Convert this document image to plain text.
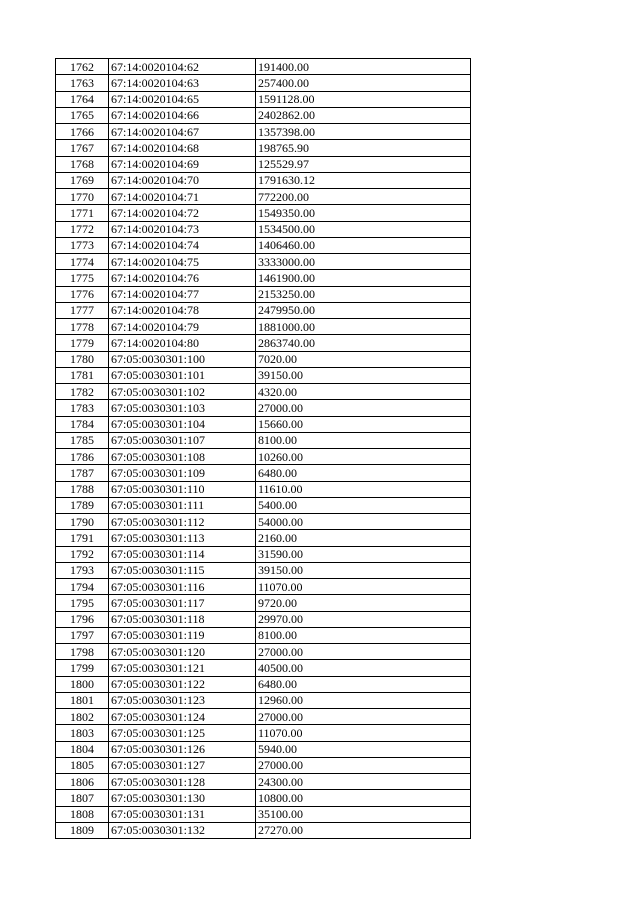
1762	67:14:0020104:62	191400.00
1763	67:14:0020104:63	257400.00
1764	67:14:0020104:65	1591128.00
1765	67:14:0020104:66	2402862.00
1766	67:14:0020104:67	1357398.00
1767	67:14:0020104:68	198765.90
1768	67:14:0020104:69	125529.97
1769	67:14:0020104:70	1791630.12
1770	67:14:0020104:71	772200.00
1771	67:14:0020104:72	1549350.00
1772	67:14:0020104:73	1534500.00
1773	67:14:0020104:74	1406460.00
1774	67:14:0020104:75	3333000.00
1775	67:14:0020104:76	1461900.00
1776	67:14:0020104:77	2153250.00
1777	67:14:0020104:78	2479950.00
1778	67:14:0020104:79	1881000.00
1779	67:14:0020104:80	2863740.00
1780	67:05:0030301:100	7020.00
1781	67:05:0030301:101	39150.00
1782	67:05:0030301:102	4320.00
1783	67:05:0030301:103	27000.00
1784	67:05:0030301:104	15660.00
1785	67:05:0030301:107	8100.00
1786	67:05:0030301:108	10260.00
1787	67:05:0030301:109	6480.00
1788	67:05:0030301:110	11610.00
1789	67:05:0030301:111	5400.00
1790	67:05:0030301:112	54000.00
1791	67:05:0030301:113	2160.00
1792	67:05:0030301:114	31590.00
1793	67:05:0030301:115	39150.00
1794	67:05:0030301:116	11070.00
1795	67:05:0030301:117	9720.00
1796	67:05:0030301:118	29970.00
1797	67:05:0030301:119	8100.00
1798	67:05:0030301:120	27000.00
1799	67:05:0030301:121	40500.00
1800	67:05:0030301:122	6480.00
1801	67:05:0030301:123	12960.00
1802	67:05:0030301:124	27000.00
1803	67:05:0030301:125	11070.00
1804	67:05:0030301:126	5940.00
1805	67:05:0030301:127	27000.00
1806	67:05:0030301:128	24300.00
1807	67:05:0030301:130	10800.00
1808	67:05:0030301:131	35100.00
1809	67:05:0030301:132	27270.00
